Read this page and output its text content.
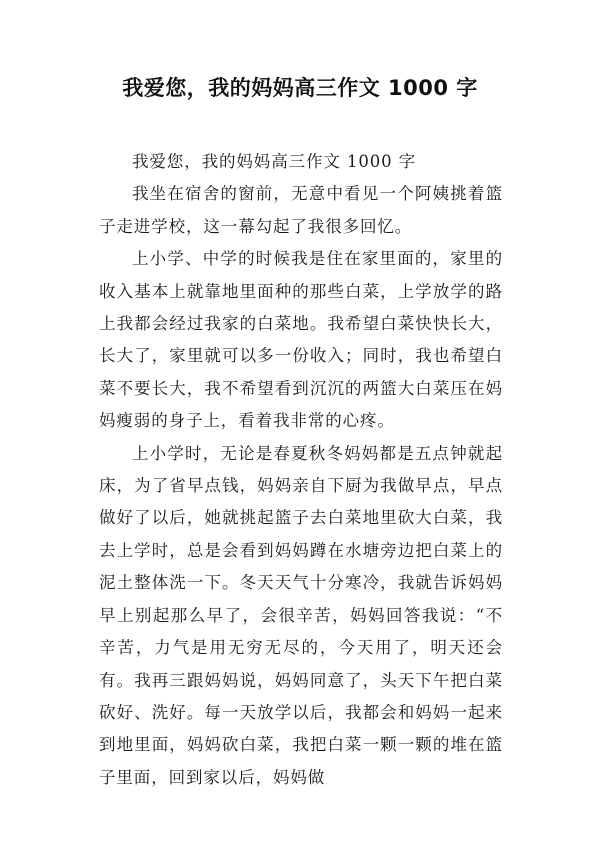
我爱您，我的妈妈高三作文 1000 字

我爱您，我的妈妈高三作文 1000 字

我坐在宿舍的窗前，无意中看见一个阿姨挑着篮子走进学校，这一幕勾起了我很多回忆。

上小学、中学的时候我是住在家里面的，家里的收入基本上就靠地里面种的那些白菜，上学放学的路上我都会经过我家的白菜地。我希望白菜快快长大，长大了，家里就可以多一份收入；同时，我也希望白菜不要长大，我不希望看到沉沉的两篮大白菜压在妈妈瘦弱的身子上，看着我非常的心疼。

上小学时，无论是春夏秋冬妈妈都是五点钟就起床，为了省早点钱，妈妈亲自下厨为我做早点，早点做好了以后，她就挑起篮子去白菜地里砍大白菜，我去上学时，总是会看到妈妈蹲在水塘旁边把白菜上的泥土整体洗一下。冬天天气十分寒冷，我就告诉妈妈早上别起那么早了，会很辛苦，妈妈回答我说：“不辛苦，力气是用无穷无尽的，今天用了，明天还会有。我再三跟妈妈说，妈妈同意了，头天下午把白菜砍好、洗好。每一天放学以后，我都会和妈妈一起来到地里面，妈妈砍白菜，我把白菜一颗一颗的堆在篮子里面，回到家以后，妈妈做
